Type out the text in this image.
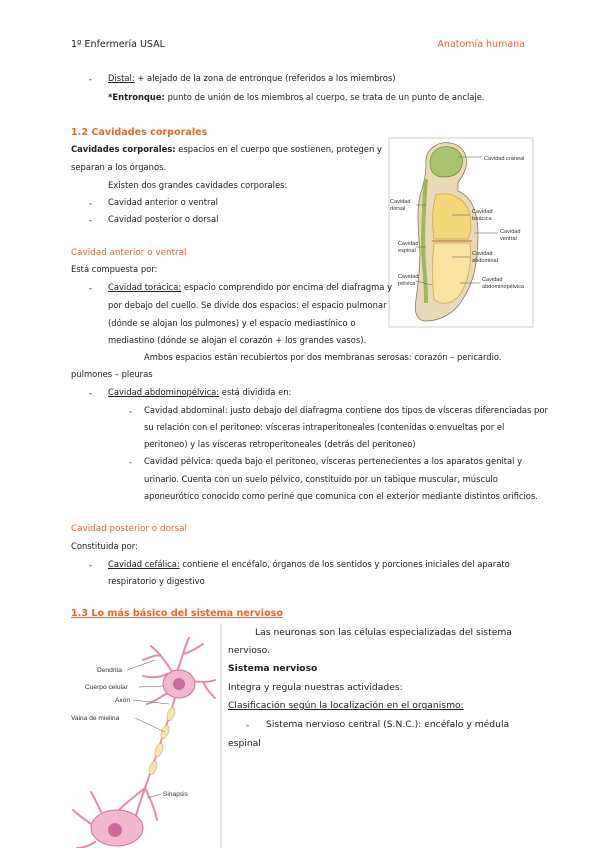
1º Enfermería USAL	Anatomía humana
- Distal: + alejado de la zona de entronque (referidos a los miembros)
*Entronque: punto de unión de los miembros al cuerpo, se trata de un punto de anclaje.
1.2 Cavidades corporales
Cavidades corporales: espacios en el cuerpo que sostienen, protegen y
separan a los órganos.
Existen dos grandes cavidades corporales:
- Cavidad anterior o ventral
- Cavidad posterior o dorsal
Cavidad craneal
Cavidad
dorsal	Cavidad
torácica
Cavidad
ventral
Cavidad
espinal	Cavidad
abdominal
Cavidad
pélvica
Cavidad
abdominopélvica
Cavidad anterior o ventral
Está compuesta por:
- Cavidad torácica: espacio comprendido por encima del diafragma y
por debajo del cuello. Se divide dos espacios: el espacio pulmonar
(dónde se alojan los pulmones) y el espacio mediastínico o
mediastino (dónde se alojan el corazón + los grandes vasos).
Ambos espacios están recubiertos por dos membranas serosas: corazón – pericardio.
pulmones – pleuras
- Cavidad abdominopélvica: está dividida en:
- Cavidad abdominal: justo debajo del diafragma contiene dos tipos de vísceras diferenciadas por
su relación con el peritoneo: vísceras intraperitoneales (contenidas o envueltas por el
peritoneo) y las vísceras retroperitoneales (detrás del peritoneo)
- Cavidad pélvica: queda bajo el peritoneo, vísceras pertenecientes a los aparatos genital y
urinario. Cuenta con un suelo pélvico, constituido por un tabique muscular, músculo
aponeurótico conocido como periné que comunica con el exterior mediante distintos orificios.
Cavidad posterior o dorsal
Constituida por:
- Cavidad cefálica: contiene el encéfalo, órganos de los sentidos y porciones iniciales del aparato
respiratorio y digestivo
1.3 Lo más básico del sistema nervioso
Dendrita
Cuerpo celular
Axón
Vaina de mielina
Sinapsis
Las neuronas son las células especializadas del sistema
nervioso.
Sistema nervioso
Integra y regula nuestras actividades:
Clasificación según la localización en el organismo:
- Sistema nervioso central (S.N.C.): encéfalo y médula
espinal
